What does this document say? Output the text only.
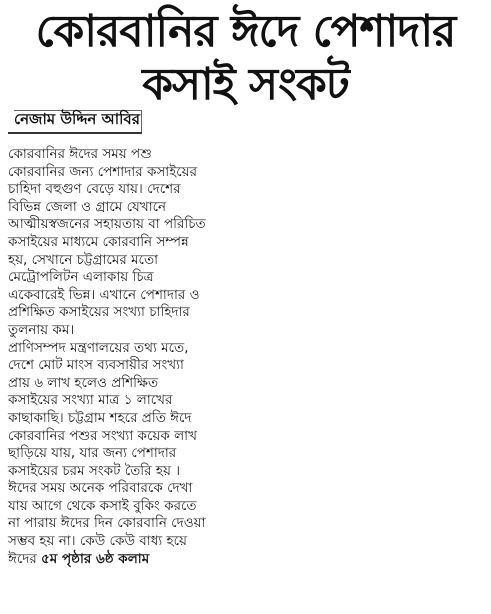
কোরবানির ঈদে পেশাদার
কসাই সংকট
নেজাম উদ্দিন আবির
কোরবানির ঈদের সময় পশু
কোরবানির জন্য পেশাদার কসাইয়ের
চাহিদা বহুগুণ বেড়ে যায়। দেশের
বিভিন্ন জেলা ও গ্রামে যেখানে
আত্মীয়স্বজনের সহায়তায় বা পরিচিত
কসাইয়ের মাধ্যমে কোরবানি সম্পন্ন
হয়, সেখানে চট্টগ্রামের মতো
মেট্রোপলিটন এলাকায় চিত্র
একেবারেই ভিন্ন। এখানে পেশাদার ও
প্রশিক্ষিত কসাইয়ের সংখ্যা চাহিদার
তুলনায় কম।
প্রাণিসম্পদ মন্ত্রণালয়ের তথ্য মতে,
দেশে মোট মাংস ব্যবসায়ীর সংখ্যা
প্রায় ৬ লাখ হলেও প্রশিক্ষিত
কসাইয়ের সংখ্যা মাত্র ১ লাখের
কাছাকাছি। চট্টগ্রাম শহরে প্রতি ঈদে
কোরবানির পশুর সংখ্যা কয়েক লাখ
ছাড়িয়ে যায়, যার জন্য পেশাদার
কসাইয়ের চরম সংকট তৈরি হয় ।
ঈদের সময় অনেক পরিবারকে দেখা
যায় আগে থেকে কসাই বুকিং করতে
না পারায় ঈদের দিন কোরবানি দেওয়া
সম্ভব হয় না। কেউ কেউ বাধ্য হয়ে
ঈদের ৫ম পৃষ্ঠার ৬ষ্ঠ কলাম
